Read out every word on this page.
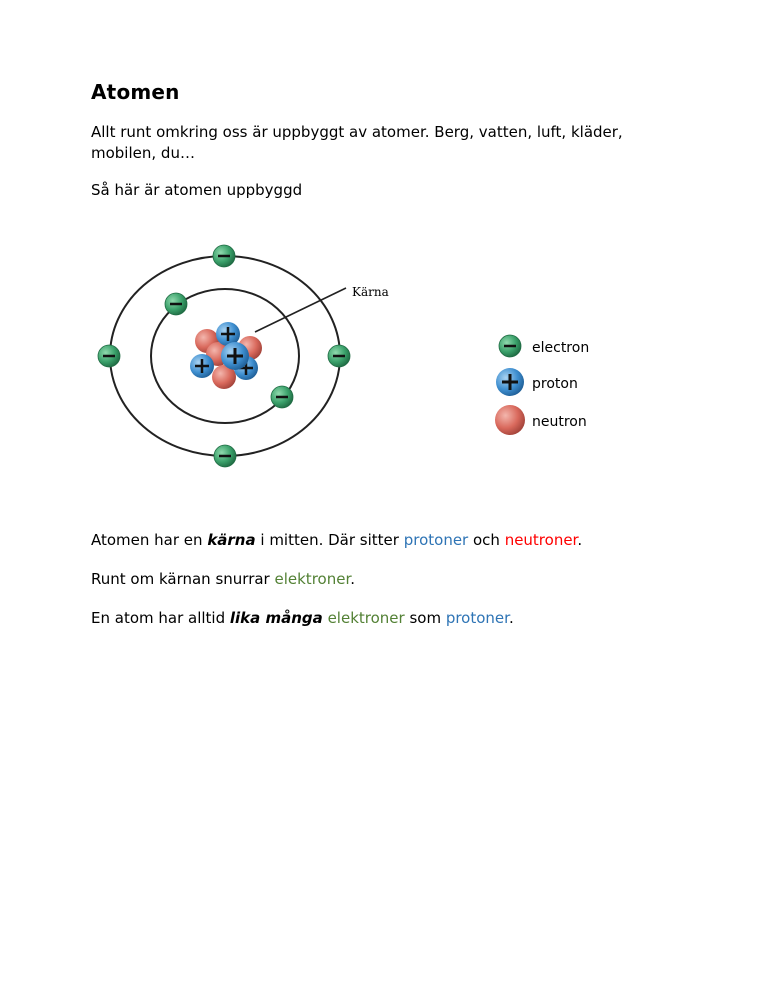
Atomen

Allt runt omkring oss är uppbyggt av atomer. Berg, vatten, luft, kläder, mobilen, du…

Så här är atomen uppbyggd

Kärna
electron
proton
neutron

Atomen har en kärna i mitten. Där sitter protoner och neutroner.

Runt om kärnan snurrar elektroner.

En atom har alltid lika många elektroner som protoner.
